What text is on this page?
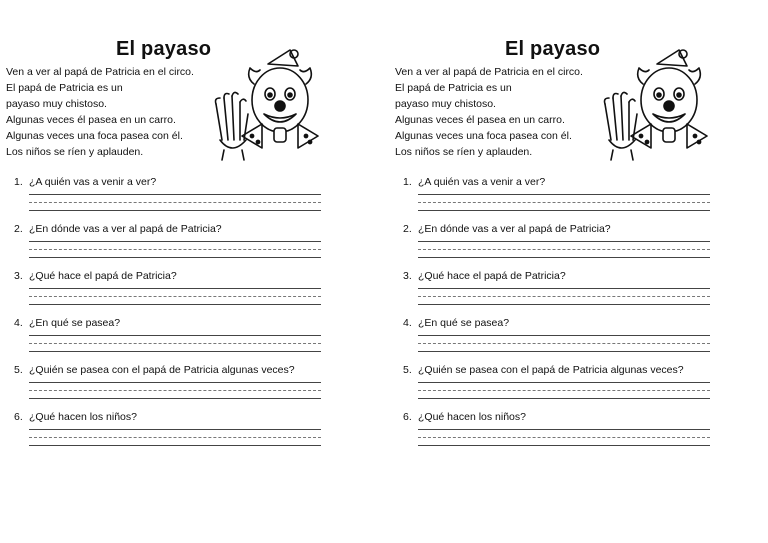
El payaso
Ven a ver al papá de Patricia en el circo.
El papá de Patricia es un
payaso muy chistoso.
Algunas veces él pasea en un carro.
Algunas veces una foca pasea con él.
Los niños se ríen y aplauden.
1. ¿A quién vas a venir a ver?
2. ¿En dónde vas a ver al papá de Patricia?
3. ¿Qué hace el papá de Patricia?
4. ¿En qué se pasea?
5. ¿Quién se pasea con el papá de Patricia algunas veces?
6. ¿Qué hacen los niños?
El payaso
Ven a ver al papá de Patricia en el circo.
El papá de Patricia es un
payaso muy chistoso.
Algunas veces él pasea en un carro.
Algunas veces una foca pasea con él.
Los niños se ríen y aplauden.
1. ¿A quién vas a venir a ver?
2. ¿En dónde vas a ver al papá de Patricia?
3. ¿Qué hace el papá de Patricia?
4. ¿En qué se pasea?
5. ¿Quién se pasea con el papá de Patricia algunas veces?
6. ¿Qué hacen los niños?
